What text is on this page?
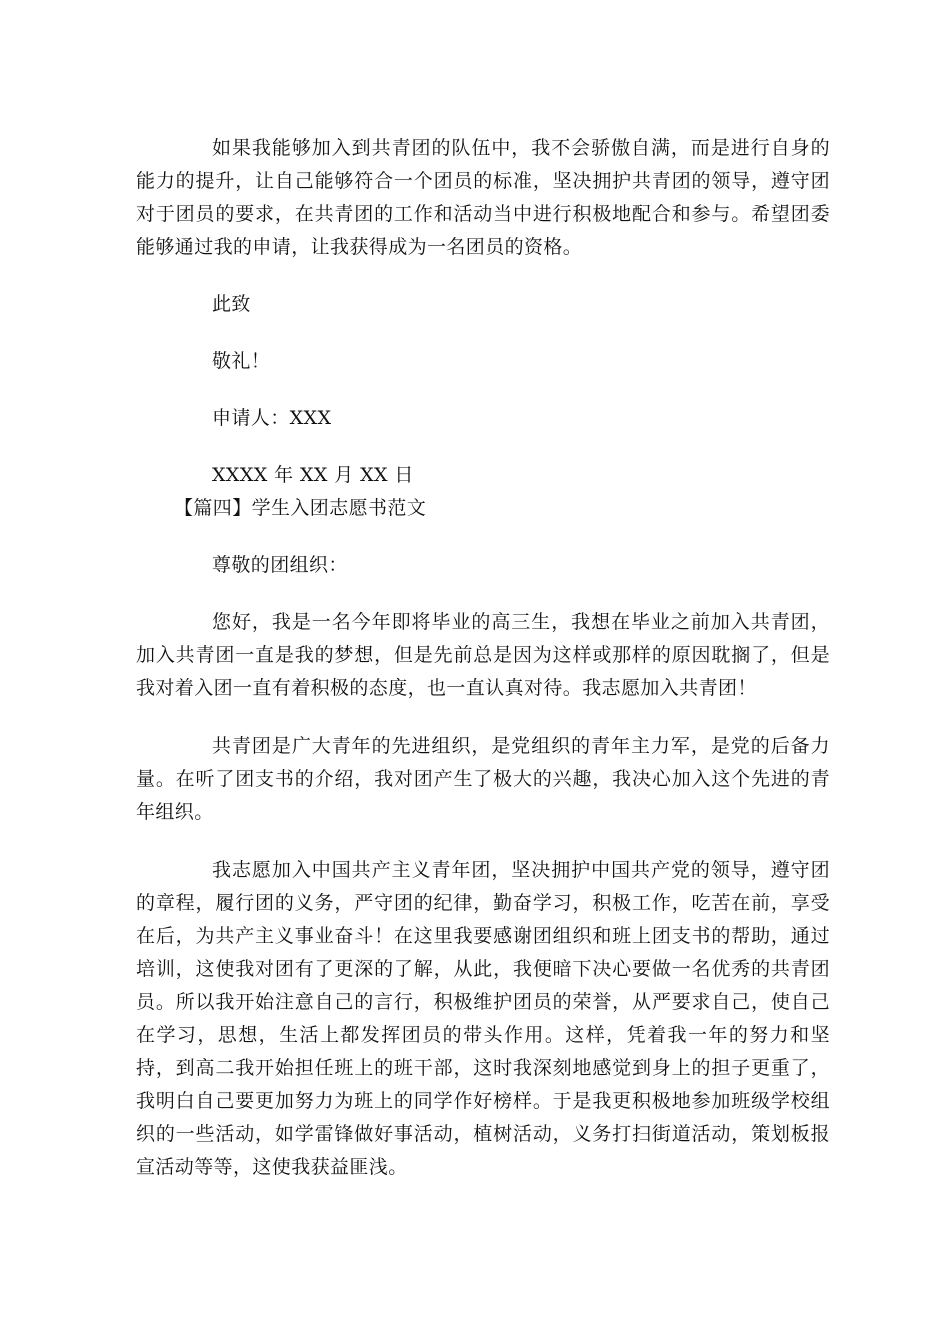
如果我能够加入到共青团的队伍中，我不会骄傲自满，而是进行自身的能力的提升，让自己能够符合一个团员的标准，坚决拥护共青团的领导，遵守团对于团员的要求，在共青团的工作和活动当中进行积极地配合和参与。希望团委能够通过我的申请，让我获得成为一名团员的资格。

此致

敬礼！

申请人：XXX

XXXX 年 XX 月 XX 日

【篇四】学生入团志愿书范文

尊敬的团组织：

您好，我是一名今年即将毕业的高三生，我想在毕业之前加入共青团，加入共青团一直是我的梦想，但是先前总是因为这样或那样的原因耽搁了，但是我对着入团一直有着积极的态度，也一直认真对待。我志愿加入共青团！

共青团是广大青年的先进组织，是党组织的青年主力军，是党的后备力量。在听了团支书的介绍，我对团产生了极大的兴趣，我决心加入这个先进的青年组织。

我志愿加入中国共产主义青年团，坚决拥护中国共产党的领导，遵守团的章程，履行团的义务，严守团的纪律，勤奋学习，积极工作，吃苦在前，享受在后，为共产主义事业奋斗！在这里我要感谢团组织和班上团支书的帮助，通过培训，这使我对团有了更深的了解，从此，我便暗下决心要做一名优秀的共青团员。所以我开始注意自己的言行，积极维护团员的荣誉，从严要求自己，使自己在学习，思想，生活上都发挥团员的带头作用。这样，凭着我一年的努力和坚持，到高二我开始担任班上的班干部，这时我深刻地感觉到身上的担子更重了，我明白自己要更加努力为班上的同学作好榜样。于是我更积极地参加班级学校组织的一些活动，如学雷锋做好事活动，植树活动，义务打扫街道活动，策划板报宣活动等等，这使我获益匪浅。
